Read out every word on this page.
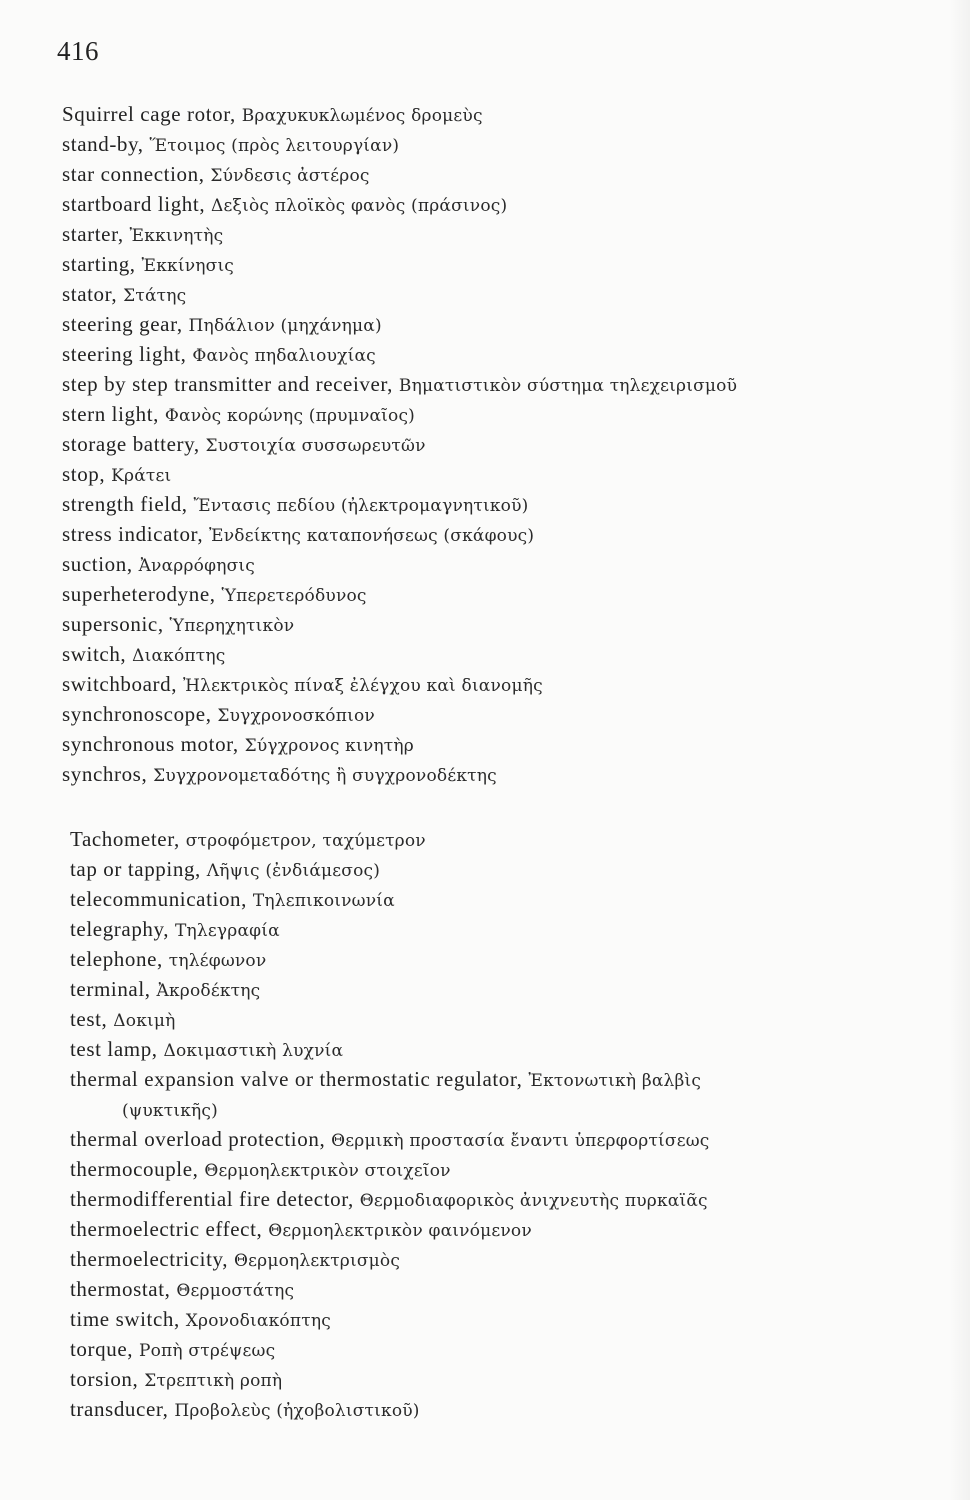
416
Squirrel cage rotor, Βραχυκυκλωμένος δρομεὺς
stand-by, Ἕτοιμος (πρὸς λειτουργίαν)
star connection, Σύνδεσις ἀστέρος
startboard light, Δεξιὸς πλοϊκὸς φανὸς (πράσινος)
starter, Ἐκκινητὴς
starting, Ἐκκίνησις
stator, Στάτης
steering gear, Πηδάλιον (μηχάνημα)
steering light, Φανὸς πηδαλιουχίας
step by step transmitter and receiver, Βηματιστικὸν σύστημα τηλεχειρισμοῦ
stern light, Φανὸς κορώνης (πρυμναῖος)
storage battery, Συστοιχία συσσωρευτῶν
stop, Κράτει
strength field, Ἔντασις πεδίου (ἠλεκτρομαγνητικοῦ)
stress indicator, Ἐνδείκτης καταπονήσεως (σκάφους)
suction, Ἀναρρόφησις
superheterodyne, Ὑπερετερόδυνος
supersonic, Ὑπερηχητικὸν
switch, Διακόπτης
switchboard, Ἠλεκτρικὸς πίναξ ἐλέγχου καὶ διανομῆς
synchronoscope, Συγχρονοσκόπιον
synchronous motor, Σύγχρονος κινητὴρ
synchros, Συγχρονομεταδότης ἢ συγχρονοδέκτης
Tachometer, στροφόμετρον, ταχύμετρον
tap or tapping, Λῆψις (ἐνδιάμεσος)
telecommunication, Τηλεπικοινωνία
telegraphy, Τηλεγραφία
telephone, τηλέφωνον
terminal, Ἀκροδέκτης
test, Δοκιμὴ
test lamp, Δοκιμαστικὴ λυχνία
thermal expansion valve or thermostatic regulator, Ἐκτονωτικὴ βαλβὶς
(ψυκτικῆς)
thermal overload protection, Θερμικὴ προστασία ἔναντι ὑπερφορτίσεως
thermocouple, Θερμοηλεκτρικὸν στοιχεῖον
thermodifferential fire detector, Θερμοδιαφορικὸς ἀνιχνευτὴς πυρκαϊᾶς
thermoelectric effect, Θερμοηλεκτρικὸν φαινόμενον
thermoelectricity, Θερμοηλεκτρισμὸς
thermostat, Θερμοστάτης
time switch, Χρονοδιακόπτης
torque, Ροπὴ στρέψεως
torsion, Στρεπτικὴ ροπὴ
transducer, Προβολεὺς (ἠχοβολιστικοῦ)
